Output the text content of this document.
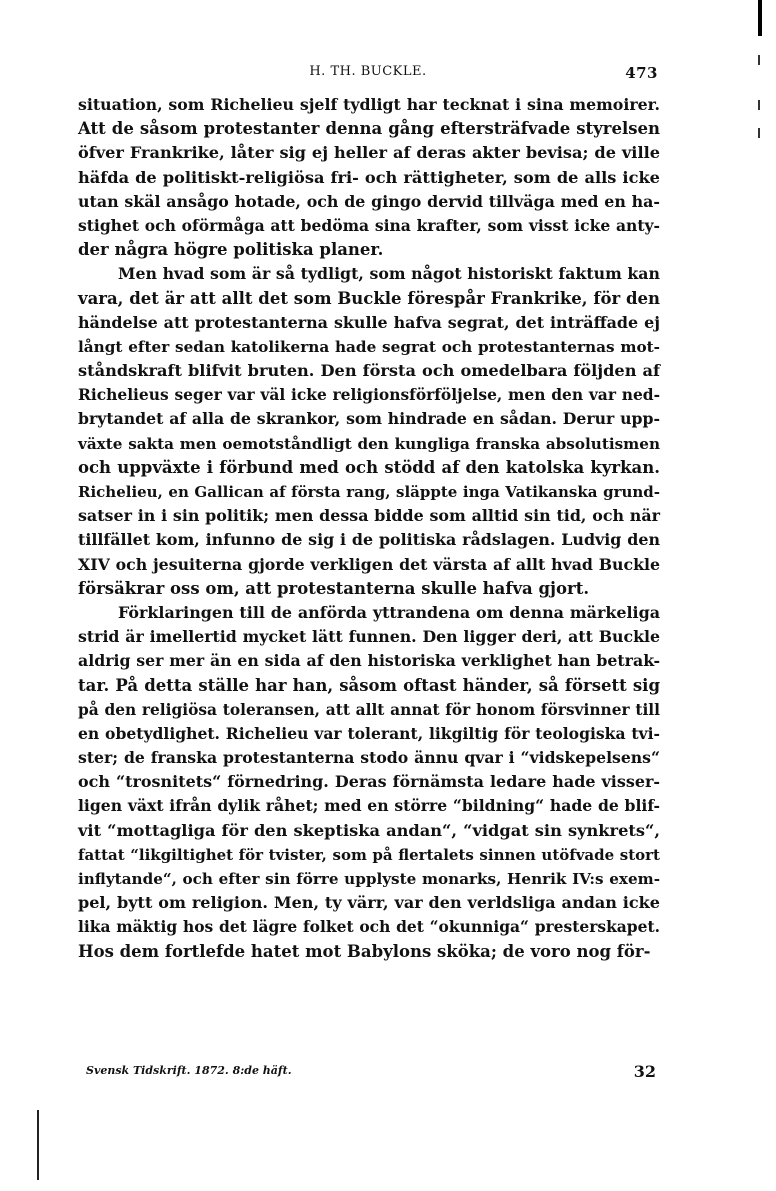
H. TH. BUCKLE.	473
situation, som Richelieu sjelf tydligt har tecknat i sina memoirer.
Att de såsom protestanter denna gång eftersträfvade styrelsen
öfver Frankrike, låter sig ej heller af deras akter bevisa; de ville
häfda de politiskt-religiösa fri- och rättigheter, som de alls icke
utan skäl ansågo hotade, och de gingo dervid tillväga med en ha-
stighet och oförmåga att bedöma sina krafter, som visst icke anty-
der några högre politiska planer.
Men hvad som är så tydligt, som något historiskt faktum kan
vara, det är att allt det som Buckle förespår Frankrike, för den
händelse att protestanterna skulle hafva segrat, det inträffade ej
långt efter sedan katolikerna hade segrat och protestanternas mot-
ståndskraft blifvit bruten. Den första och omedelbara följden af
Richelieus seger var väl icke religionsförföljelse, men den var ned-
brytandet af alla de skrankor, som hindrade en sådan. Derur upp-
växte sakta men oemotståndligt den kungliga franska absolutismen
och uppväxte i förbund med och stödd af den katolska kyrkan.
Richelieu, en Gallican af första rang, släppte inga Vatikanska grund-
satser in i sin politik; men dessa bidde som alltid sin tid, och när
tillfället kom, infunno de sig i de politiska rådslagen. Ludvig den
XIV och jesuiterna gjorde verkligen det värsta af allt hvad Buckle
försäkrar oss om, att protestanterna skulle hafva gjort.
Förklaringen till de anförda yttrandena om denna märkeliga
strid är imellertid mycket lätt funnen. Den ligger deri, att Buckle
aldrig ser mer än en sida af den historiska verklighet han betrak-
tar. På detta ställe har han, såsom oftast händer, så försett sig
på den religiösa toleransen, att allt annat för honom försvinner till
en obetydlighet. Richelieu var tolerant, likgiltig för teologiska tvi-
ster; de franska protestanterna stodo ännu qvar i “vidskepelsens“
och “trosnitets“ förnedring. Deras förnämsta ledare hade visser-
ligen växt ifrån dylik råhet; med en större “bildning“ hade de blif-
vit “mottagliga för den skeptiska andan“, “vidgat sin synkrets“,
fattat “likgiltighet för tvister, som på flertalets sinnen utöfvade stort
inflytande“, och efter sin förre upplyste monarks, Henrik IV:s exem-
pel, bytt om religion. Men, ty värr, var den verldsliga andan icke
lika mäktig hos det lägre folket och det “okunniga“ presterskapet.
Hos dem fortlefde hatet mot Babylons sköka; de voro nog för-
Svensk Tidskrift. 1872. 8:de häft.	32
